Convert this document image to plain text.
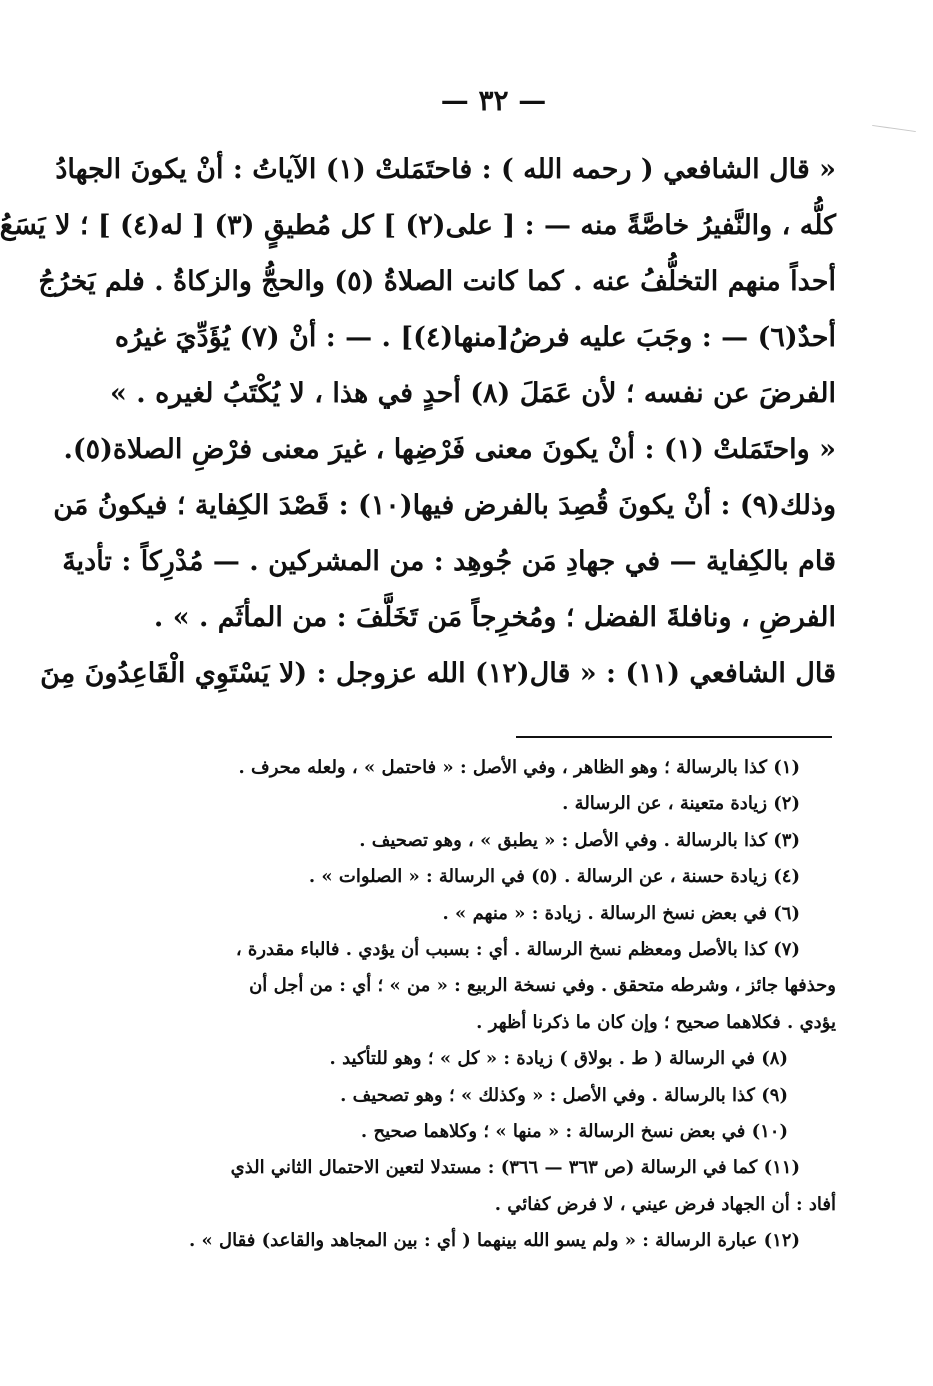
— ٣٢ —
« قال الشافعي ( رحمه الله ) : فاحتَمَلتْ (١) الآياتُ : أنْ يكونَ الجهادُ
كلُّه ، والنَّفيرُ خاصَّةً منه — : [ على(٢) ] كل مُطيقٍ (٣) [ له(٤) ] ؛ لا يَسَعُ
أحداً منهم التخلُّفُ عنه . كما كانت الصلاةُ (٥) والحجُّ والزكاةُ . فلم يَخرُجُ
أحدٌ(٦) — : وجَبَ عليه فرضُ[منها(٤)] . — : أنْ (٧) يُؤَدِّيَ غيرُه
الفرضَ عن نفسه ؛ لأن عَمَلَ (٨) أحدٍ في هذا ، لا يُكْتَبُ لغيره . »
« واحتَمَلتْ (١) : أنْ يكونَ معنى فَرْضِها ، غيرَ معنى فرْضِ الصلاة(٥).
وذلك(٩) : أنْ يكونَ قُصِدَ بالفرض فيها(١٠) : قَصْدَ الكِفاية ؛ فيكونُ مَن
قام بالكِفاية — في جهادِ مَن جُوهِد : من المشركين . — مُدْرِكاً : تأديةَ
الفرضِ ، ونافلةَ الفضل ؛ ومُخرِجاً مَن تَخَلَّفَ : من المأثَم . » .
قال الشافعي (١١) : « قال(١٢) الله عزوجل : (لا يَسْتَوِي الْقَاعِدُونَ مِنَ
(١) كذا بالرسالة ؛ وهو الظاهر ، وفي الأصل : « فاحتمل » ، ولعله محرف .
(٢) زيادة متعينة ، عن الرسالة .
(٣) كذا بالرسالة . وفي الأصل : « يطبق » ، وهو تصحيف .
(٤) زيادة حسنة ، عن الرسالة . (٥) في الرسالة : « الصلوات » .
(٦) في بعض نسخ الرسالة . زيادة : « منهم » .
(٧) كذا بالأصل ومعظم نسخ الرسالة . أي : بسبب أن يؤدي . فالباء مقدرة ،
وحذفها جائز ، وشرطه متحقق . وفي نسخة الربيع : « من » ؛ أي : من أجل أن
يؤدي . فكلاهما صحيح ؛ وإن كان ما ذكرنا أظهر .
(٨) في الرسالة ( ط . بولاق ) زيادة : « كل » ؛ وهو للتأكيد .
(٩) كذا بالرسالة . وفي الأصل : « وكذلك » ؛ وهو تصحيف .
(١٠) في بعض نسخ الرسالة : « منها » ؛ وكلاهما صحيح .
(١١) كما في الرسالة (ص ٣٦٣ — ٣٦٦) : مستدلا لتعين الاحتمال الثاني الذي
أفاد : أن الجهاد فرض عيني ، لا فرض كفائي .
(١٢) عبارة الرسالة : « ولم يسو الله بينهما ( أي : بين المجاهد والقاعد) فقال » .
